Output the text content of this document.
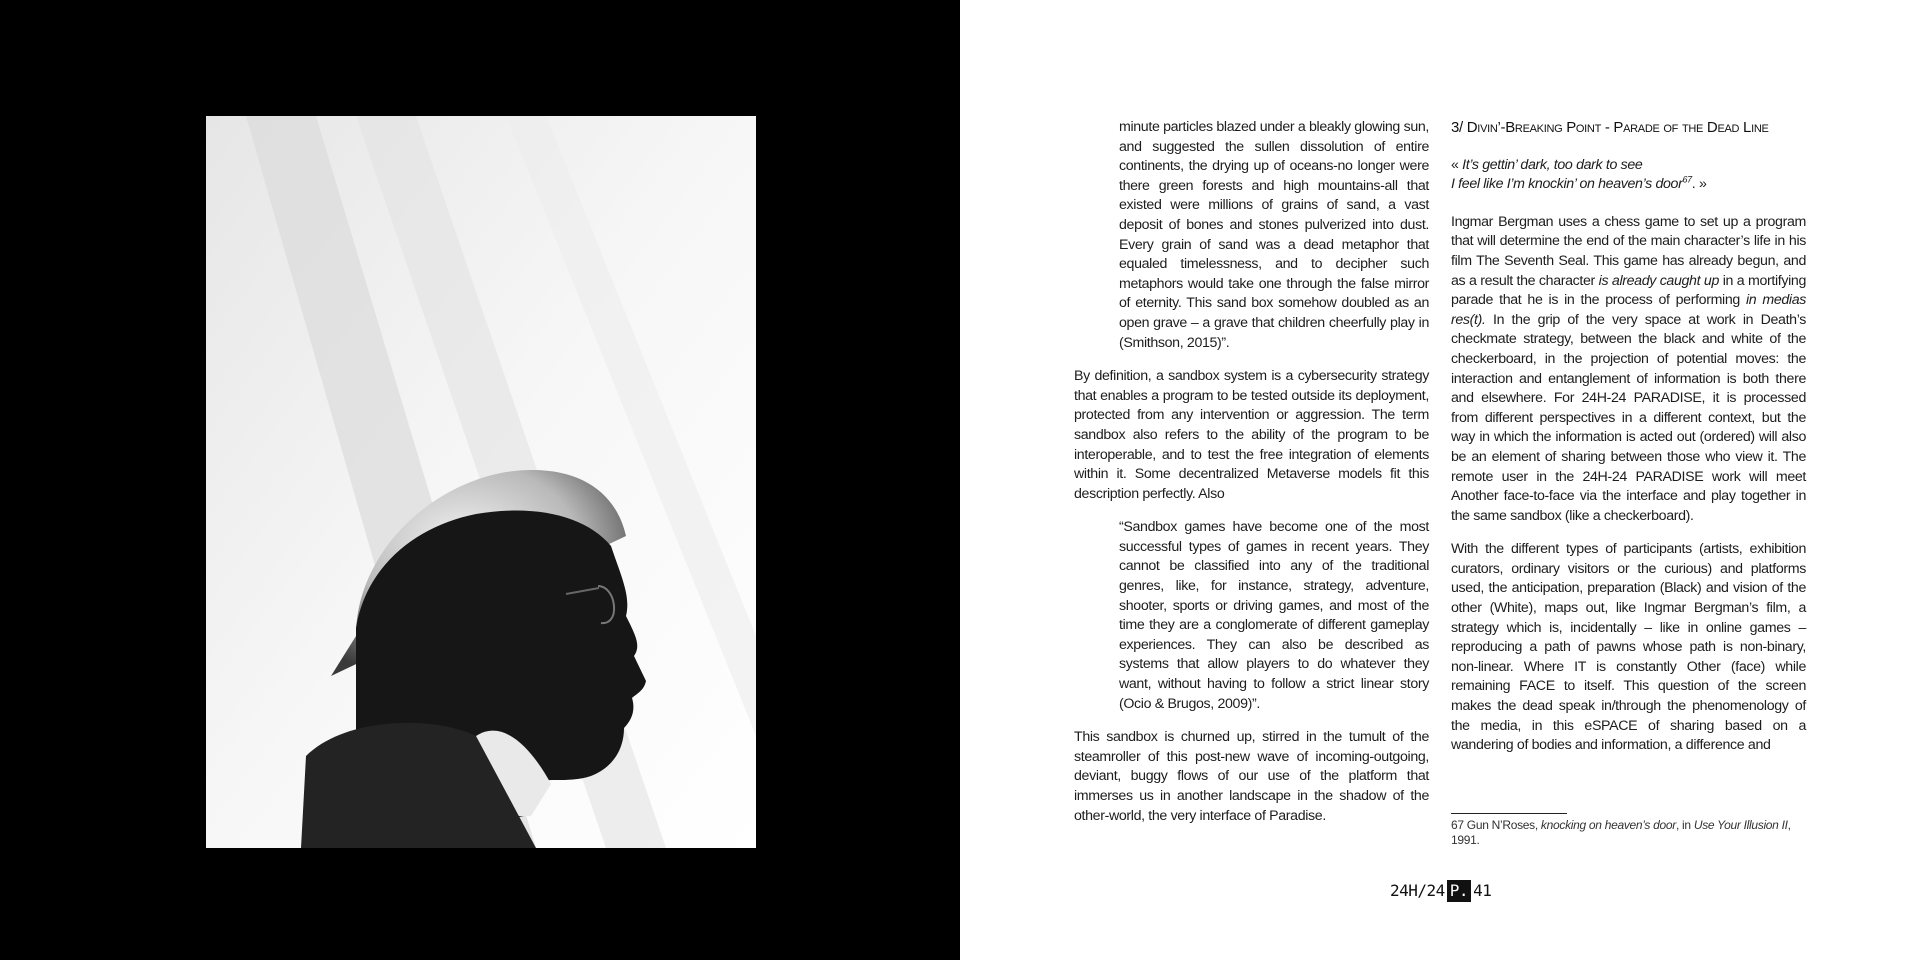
minute particles blazed under a bleakly glowing sun, and suggested the sullen dissolution of entire continents, the drying up of oceans-no longer were there green forests and high mountains-all that existed were millions of grains of sand, a vast deposit of bones and stones pulverized into dust. Every grain of sand was a dead metaphor that equaled timelessness, and to decipher such metaphors would take one through the false mirror of eternity. This sand box somehow doubled as an open grave – a grave that children cheerfully play in (Smithson, 2015)”.

By definition, a sandbox system is a cybersecurity strategy that enables a program to be tested outside its deployment, protected from any intervention or aggression. The term sandbox also refers to the ability of the program to be interoperable, and to test the free integration of elements within it. Some decentralized Metaverse models fit this description perfectly. Also

“Sandbox games have become one of the most successful types of games in recent years. They cannot be classified into any of the traditional genres, like, for instance, strategy, adventure, shooter, sports or driving games, and most of the time they are a conglomerate of different gameplay experiences. They can also be described as systems that allow players to do whatever they want, without having to follow a strict linear story (Ocio & Brugos, 2009)”.

This sandbox is churned up, stirred in the tumult of the steamroller of this post-new wave of incoming-outgoing, deviant, buggy flows of our use of the platform that immerses us in another landscape in the shadow of the other-world, the very interface of Paradise.

3/ Divin’-Breaking Point - Parade of the Dead Line
« It’s gettin’ dark, too dark to see
I feel like I’m knockin’ on heaven’s door$^{67}$. »

Ingmar Bergman uses a chess game to set up a program that will determine the end of the main character’s life in his film The Seventh Seal. This game has already begun, and as a result the character is already caught up in a mortifying parade that he is in the process of performing in medias res(t). In the grip of the very space at work in Death’s checkmate strategy, between the black and white of the checkerboard, in the projection of potential moves: the interaction and entanglement of information is both there and elsewhere. For 24H-24 PARADISE, it is processed from different perspectives in a different context, but the way in which the information is acted out (ordered) will also be an element of sharing between those who view it. The remote user in the 24H-24 PARADISE work will meet Another face-to-face via the interface and play together in the same sandbox (like a checkerboard).

With the different types of participants (artists, exhibition curators, ordinary visitors or the curious) and platforms used, the anticipation, preparation (Black) and vision of the other (White), maps out, like Ingmar Bergman’s film, a strategy which is, incidentally – like in online games – reproducing a path of pawns whose path is non-binary, non-linear. Where IT is constantly Other (face) while remaining FACE to itself. This question of the screen makes the dead speak in/through the phenomenology of the media, in this eSPACE of sharing based on a wandering of bodies and information, a difference and

67 Gun N’Roses, knocking on heaven’s door, in Use Your Illusion II, 1991.
24H/24 P. 41
